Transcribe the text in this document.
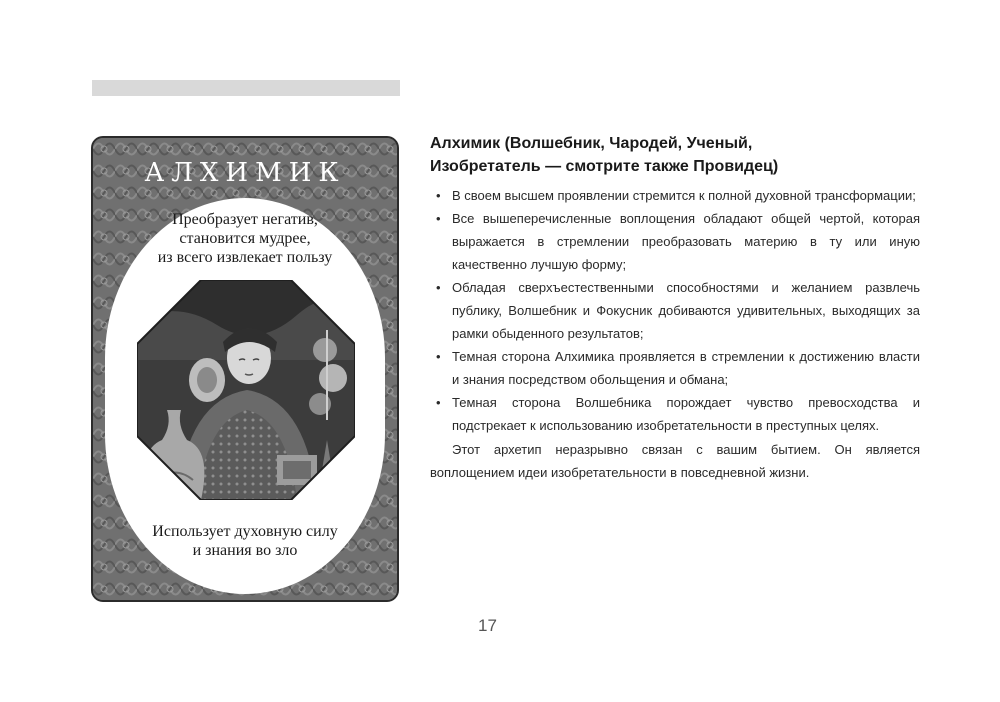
АЛХИМИК
Преобразует негатив,
становится мудрее,
из всего извлекает пользу
Использует духовную силу
и знания во зло
Алхимик (Волшебник, Чародей, Ученый,
Изобретатель — смотрите также Провидец)
• В своем высшем проявлении стремится к полной духовной трансформации;
• Все вышеперечисленные воплощения обладают общей чертой, которая выражается в стремлении преобразовать материю в ту или иную качественно лучшую форму;
• Обладая сверхъестественными способностями и желанием развлечь публику, Волшебник и Фокусник добиваются удивительных, выходящих за рамки обыденного результатов;
• Темная сторона Алхимика проявляется в стремлении к достижению власти и знания посредством обольщения и обмана;
• Темная сторона Волшебника порождает чувство превосходства и подстрекает к использованию изобретательности в преступных целях.

Этот архетип неразрывно связан с вашим бытием. Он является воплощением идеи изобретательности в повседневной жизни.

17
